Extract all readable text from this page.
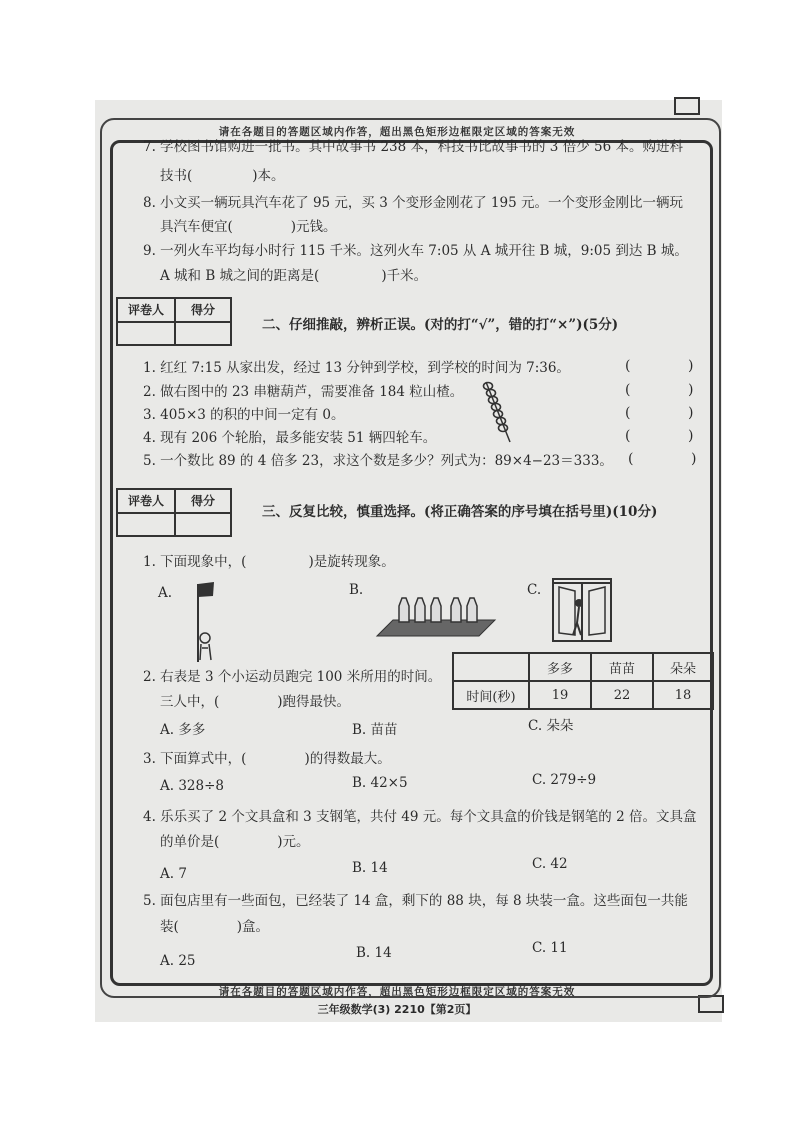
请在各题目的答题区域内作答，超出黑色矩形边框限定区域的答案无效
7. 学校图书馆购进一批书。其中故事书 238 本，科技书比故事书的 3 倍少 56 本。购进科
技书(	)本。
8. 小文买一辆玩具汽车花了 95 元，买 3 个变形金刚花了 195 元。一个变形金刚比一辆玩
具汽车便宜(	)元钱。
9. 一列火车平均每小时行 115 千米。这列火车 7:05 从 A 城开往 B 城，9:05 到达 B 城。
A 城和 B 城之间的距离是(	)千米。
评卷人	得分
二、仔细推敲，辨析正误。(对的打“√”，错的打“×”)(5分)
1. 红红 7:15 从家出发，经过 13 分钟到学校，到学校的时间为 7:36。
2. 做右图中的 23 串糖葫芦，需要准备 184 粒山楂。
3. 405×3 的积的中间一定有 0。
4. 现有 206 个轮胎，最多能安装 51 辆四轮车。
5. 一个数比 89 的 4 倍多 23，求这个数是多少？列式为：89×4−23＝333。
(	)
(	)
(	)
(	)
(	)
评卷人	得分
三、反复比较，慎重选择。(将正确答案的序号填在括号里)(10分)
1. 下面现象中，(	)是旋转现象。
A.	B.	C.
2. 右表是 3 个小运动员跑完 100 米所用的时间。
三人中，(	)跑得最快。
A. 多多	B. 苗苗	C. 朵朵
	多多	苗苗	朵朵
时间(秒)	19	22	18
3. 下面算式中，(	)的得数最大。
A. 328÷8	B. 42×5	C. 279÷9
4. 乐乐买了 2 个文具盒和 3 支钢笔，共付 49 元。每个文具盒的价钱是钢笔的 2 倍。文具盒
的单价是(	)元。
A. 7	B. 14	C. 42
5. 面包店里有一些面包，已经装了 14 盒，剩下的 88 块，每 8 块装一盒。这些面包一共能
装(	)盒。
A. 25	B. 14	C. 11
请在各题目的答题区域内作答，超出黑色矩形边框限定区域的答案无效
三年级数学(3) 2210【第2页】
